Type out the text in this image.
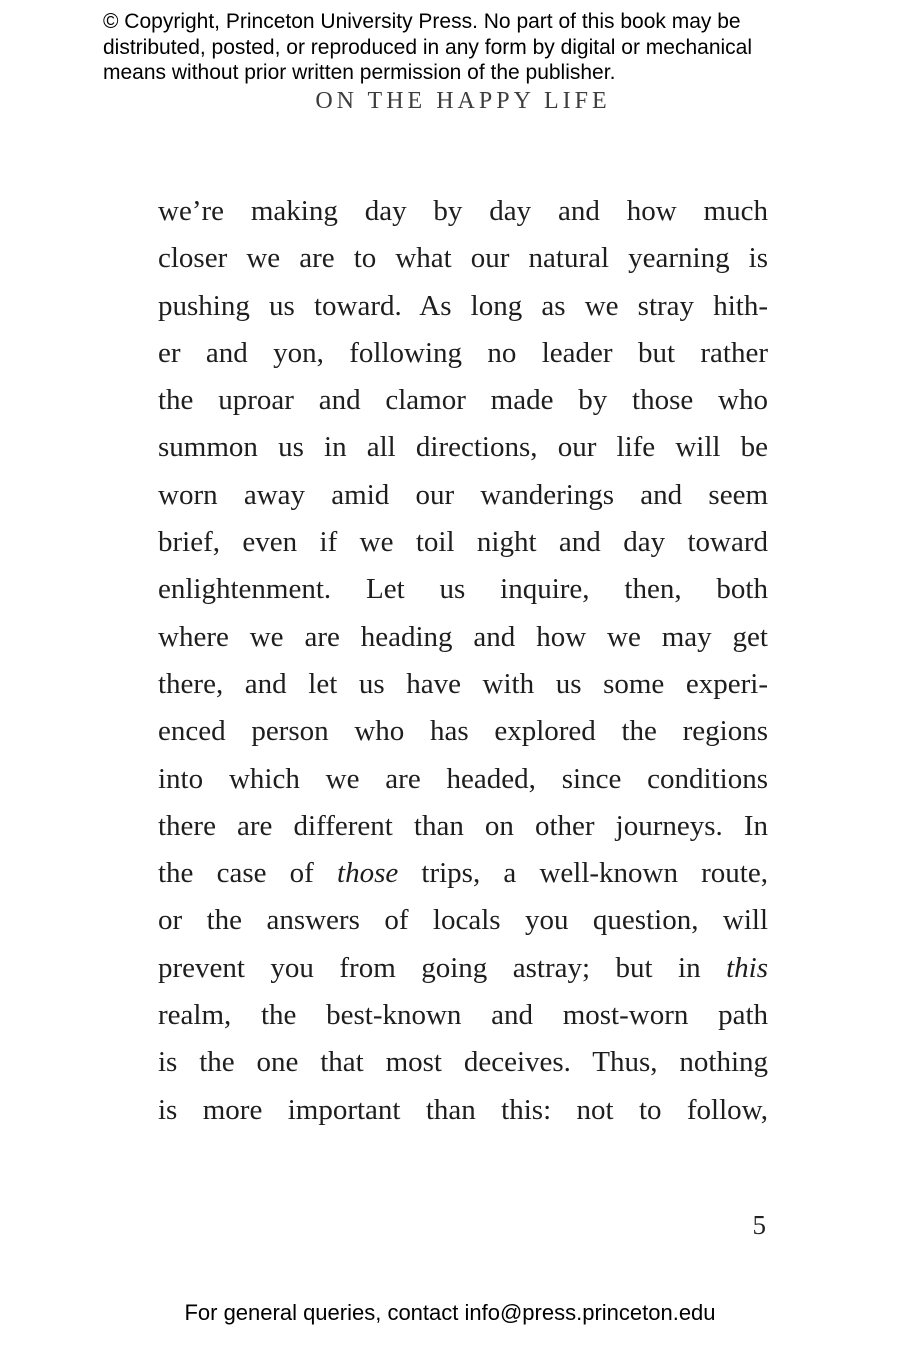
© Copyright, Princeton University Press. No part of this book may be
distributed, posted, or reproduced in any form by digital or mechanical
means without prior written permission of the publisher.
ON THE HAPPY LIFE
we’re making day by day and how much
closer we are to what our natural yearning is
pushing us toward. As long as we stray hith-
er and yon, following no leader but rather
the uproar and clamor made by those who
summon us in all directions, our life will be
worn away amid our wanderings and seem
brief, even if we toil night and day toward
enlightenment. Let us inquire, then, both
where we are heading and how we may get
there, and let us have with us some experi-
enced person who has explored the regions
into which we are headed, since conditions
there are different than on other journeys. In
the case of those trips, a well-known route,
or the answers of locals you question, will
prevent you from going astray; but in this
realm, the best-known and most-worn path
is the one that most deceives. Thus, nothing
is more important than this: not to follow,
5
For general queries, contact info@press.princeton.edu
